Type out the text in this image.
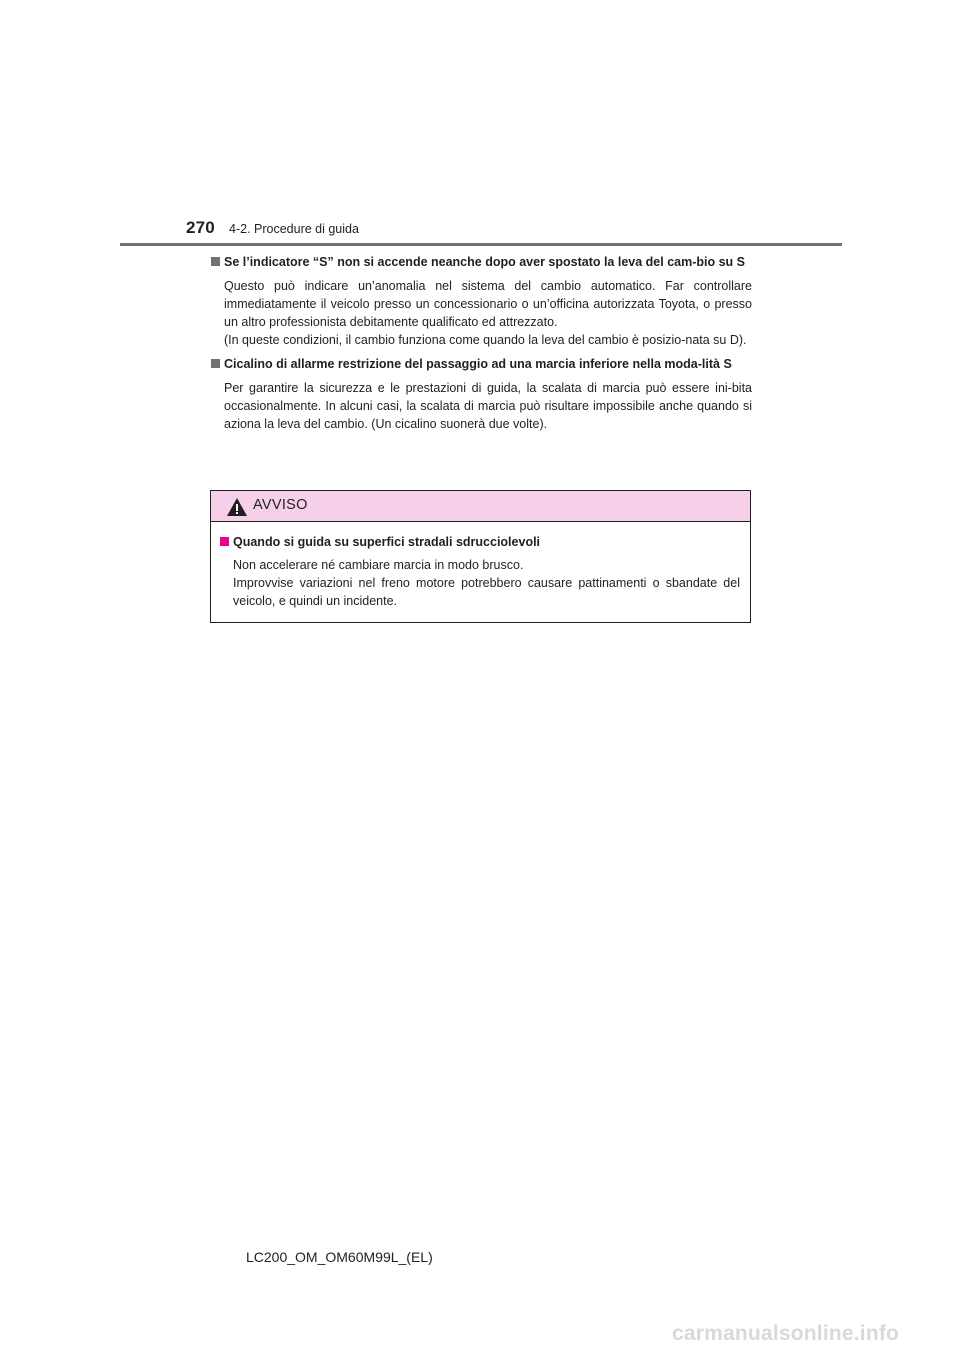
270 4-2. Procedure di guida

Se l’indicatore “S” non si accende neanche dopo aver spostato la leva del cam-bio su S

Questo può indicare un’anomalia nel sistema del cambio automatico. Far controllare immediatamente il veicolo presso un concessionario o un’officina autorizzata Toyota, o presso un altro professionista debitamente qualificato ed attrezzato.

(In queste condizioni, il cambio funziona come quando la leva del cambio è posizio-nata su D).

Cicalino di allarme restrizione del passaggio ad una marcia inferiore nella moda-lità S

Per garantire la sicurezza e le prestazioni di guida, la scalata di marcia può essere ini-bita occasionalmente. In alcuni casi, la scalata di marcia può risultare impossibile anche quando si aziona la leva del cambio. (Un cicalino suonerà due volte).

AVVISO

Quando si guida su superfici stradali sdrucciolevoli

Non accelerare né cambiare marcia in modo brusco.

Improvvise variazioni nel freno motore potrebbero causare pattinamenti o sbandate del veicolo, e quindi un incidente.

LC200_OM_OM60M99L_(EL)
carmanualsonline.info
